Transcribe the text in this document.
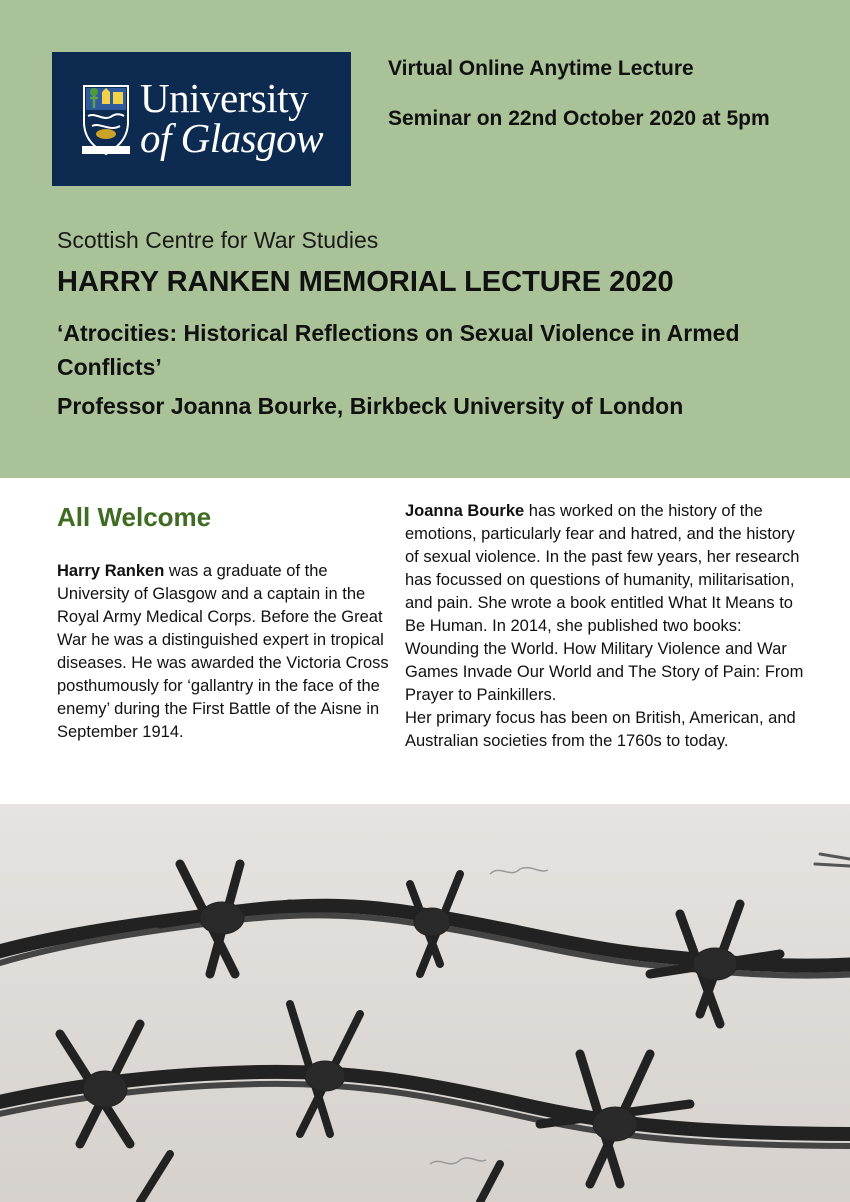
University
of Glasgow
Virtual Online Anytime Lecture
Seminar on 22nd October 2020 at 5pm
Scottish Centre for War Studies
HARRY RANKEN MEMORIAL LECTURE 2020
‘Atrocities: Historical Reflections on Sexual Violence in Armed Conflicts’
Professor Joanna Bourke, Birkbeck University of London
All Welcome
Harry Ranken was a graduate of the University of Glasgow and a captain in the Royal Army Medical Corps. Before the Great War he was a distinguished expert in tropical diseases. He was awarded the Victoria Cross posthumously for ‘gallantry in the face of the enemy’ during the First Battle of the Aisne in September 1914.
Joanna Bourke has worked on the history of the emotions, particularly fear and hatred, and the history of sexual violence. In the past few years, her research has focussed on questions of humanity, militarisation, and pain. She wrote a book entitled What It Means to Be Human. In 2014, she published two books: Wounding the World. How Military Violence and War Games Invade Our World and The Story of Pain: From Prayer to Painkillers.
Her primary focus has been on British, American, and Australian societies from the 1760s to today.
